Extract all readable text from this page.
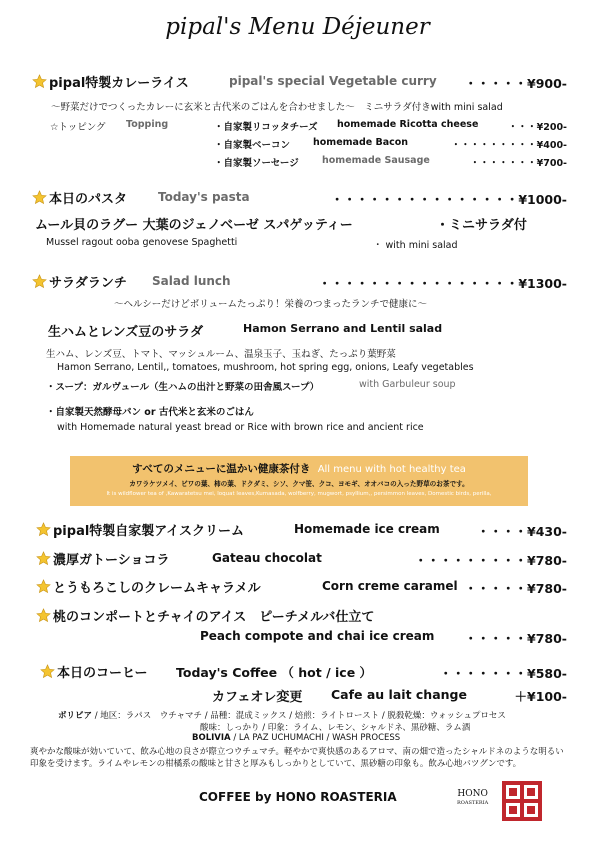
pipal's Menu Déjeuner
pipal特製カレーライス	pipal's special Vegetable curry ・・・・・¥900-
〜野菜だけでつくったカレーに玄米と古代米のごはんを合わせました〜　ミニサラダ付きwith mini salad
☆トッピング Topping	・自家製リコッタチーズ homemade Ricotta cheese	・・・¥200-
・自家製ベーコン homemade Bacon	・・・・・・・・・¥400-
・自家製ソーセージ homemade Sausage	・・・・・・・¥700-
本日のパスタ	Today's pasta	・・・・・・・・・・・・・・・¥1000-
ムール貝のラグー 大葉のジェノベーゼ スパゲッティー	・ミニサラダ付
Mussel ragout ooba genovese Spaghetti	・ with mini salad
サラダランチ Salad lunch	・・・・・・・・・・・・・・・・¥1300-
〜ヘルシーだけどボリュームたっぷり！栄養のつまったランチで健康に〜
生ハムとレンズ豆のサラダ	Hamon Serrano and Lentil salad
生ハム、レンズ豆、トマト、マッシュルーム、温泉玉子、玉ねぎ、たっぷり葉野菜
Hamon Serrano, Lentil,, tomatoes, mushroom, hot spring egg, onions, Leafy vegetables
・スープ：ガルヴュール（生ハムの出汁と野菜の田舎風スープ）	with Garbuleur soup
・自家製天然酵母パン or 古代米と玄米のごはん
with Homemade natural yeast bread or Rice with brown rice and ancient rice
すべてのメニューに温かい健康茶付き All menu with hot healthy tea
カワラケツメイ、ビワの葉、柿の葉、ドクダミ、シソ、クマ笹、クコ、ヨモギ、オオバコの入った野草のお茶です。
It is wildflower tea of ,Kawaratetsu mei, loquat leaves,Kumasada, wolfberry, mugwort, psyllium,, persimmon leaves, Domestic birds, perilla,
pipal特製自家製アイスクリーム	Homemade ice cream	・・・・¥430-
濃厚ガトーショコラ	Gateau chocolat	・・・・・・・・・¥780-
とうもろこしのクレームキャラメル	Corn creme caramel ・・・・・¥780-
桃のコンポートとチャイのアイス　ピーチメルバ仕立て
Peach compote and chai ice cream ・・・・・¥780-
本日のコーヒー Today's Coffee （ hot / ice ）	・・・・・・・¥580-
カフェオレ変更 Cafe au lait change	＋¥100-
ボリビア / 地区：ラパス　ウチャマチ / 品種：混成ミックス / 焙煎：ライトロースト / 脱殺乾燥：ウォッシュプロセス
酸味：しっかり / 印象：ライム、レモン、シャルドネ、黒砂糖、ラム酒
BOLIVIA / LA PAZ UCHUMACHI / WASH PROCESS
爽やかな酸味が効いていて、飲み心地の良さが際立つウチュマチ。軽やかで爽快感のあるアロマ、南の畑で造ったシャルドネのような明るい印象を受けます。ライムやレモンの柑橘系の酸味と甘さと厚みもしっかりとしていて、黒砂糖の印象も。飲み心地バツグンです。
COFFEE by HONO ROASTERIA	HONO
ROASTERIA
